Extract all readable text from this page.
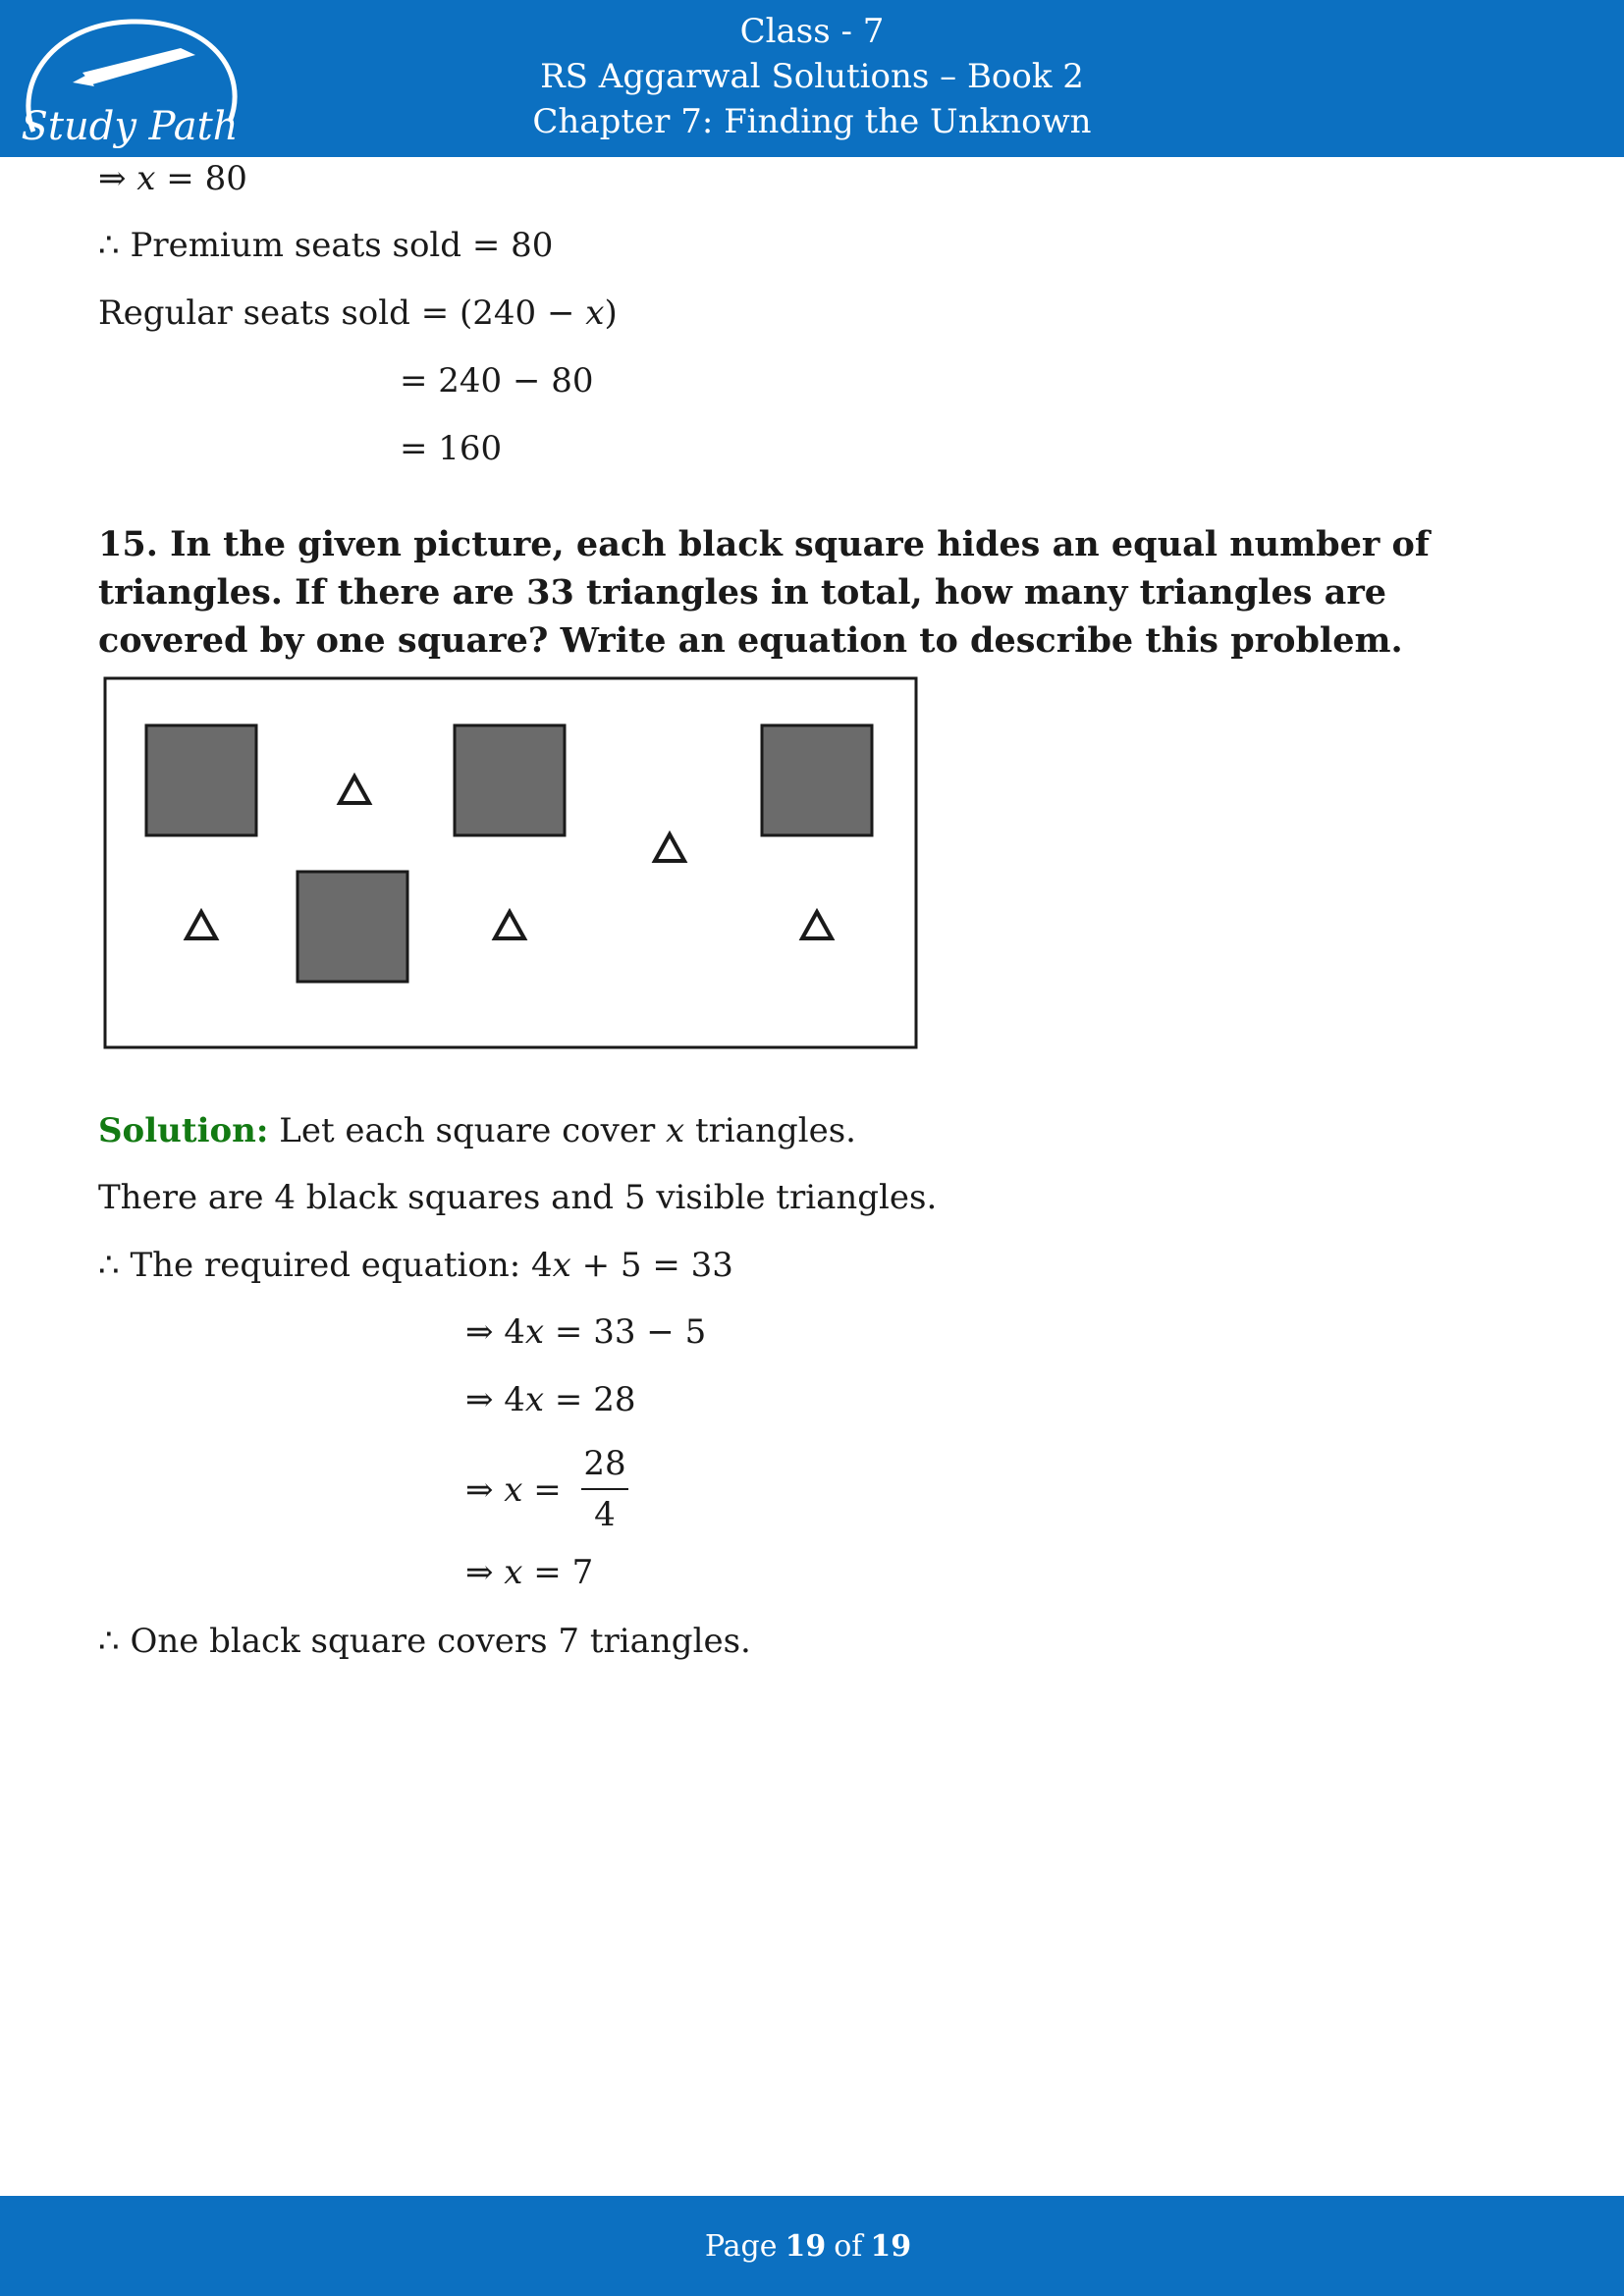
Study Path
Class - 7
RS Aggarwal Solutions – Book 2
Chapter 7: Finding the Unknown
⇒ 𝑥 = 80
∴ Premium seats sold = 80
Regular seats sold = (240 − 𝑥)
= 240 − 80
= 160
15. In the given picture, each black square hides an equal number of triangles. If there are 33 triangles in total, how many triangles are covered by one square? Write an equation to describe this problem.
Solution: Let each square cover 𝑥 triangles.
There are 4 black squares and 5 visible triangles.
∴ The required equation: 4𝑥 + 5 = 33
⇒ 4𝑥 = 33 − 5
⇒ 4𝑥 = 28
⇒ 𝑥 =
28
4
⇒ 𝑥 = 7
∴ One black square covers 7 triangles.
Page 19 of 19
